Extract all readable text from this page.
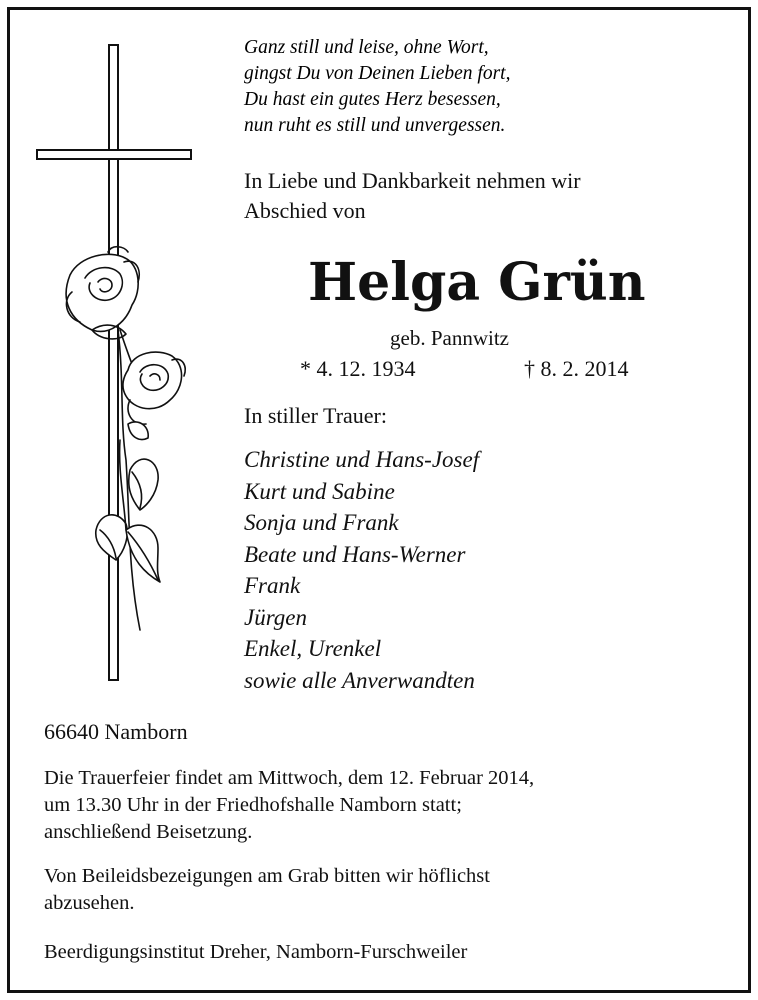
Ganz still und leise, ohne Wort,
gingst Du von Deinen Lieben fort,
Du hast ein gutes Herz besessen,
nun ruht es still und unvergessen.
In Liebe und Dankbarkeit nehmen wir
Abschied von
Helga Grün
geb. Pannwitz
* 4. 12. 1934	† 8. 2. 2014
In stiller Trauer:
Christine und Hans-Josef
Kurt und Sabine
Sonja und Frank
Beate und Hans-Werner
Frank
Jürgen
Enkel, Urenkel
sowie alle Anverwandten
66640 Namborn
Die Trauerfeier findet am Mittwoch, dem 12. Februar 2014,
um 13.30 Uhr in der Friedhofshalle Namborn statt;
anschließend Beisetzung.
Von Beileidsbezeigungen am Grab bitten wir höflichst
abzusehen.
Beerdigungsinstitut Dreher, Namborn-Furschweiler
